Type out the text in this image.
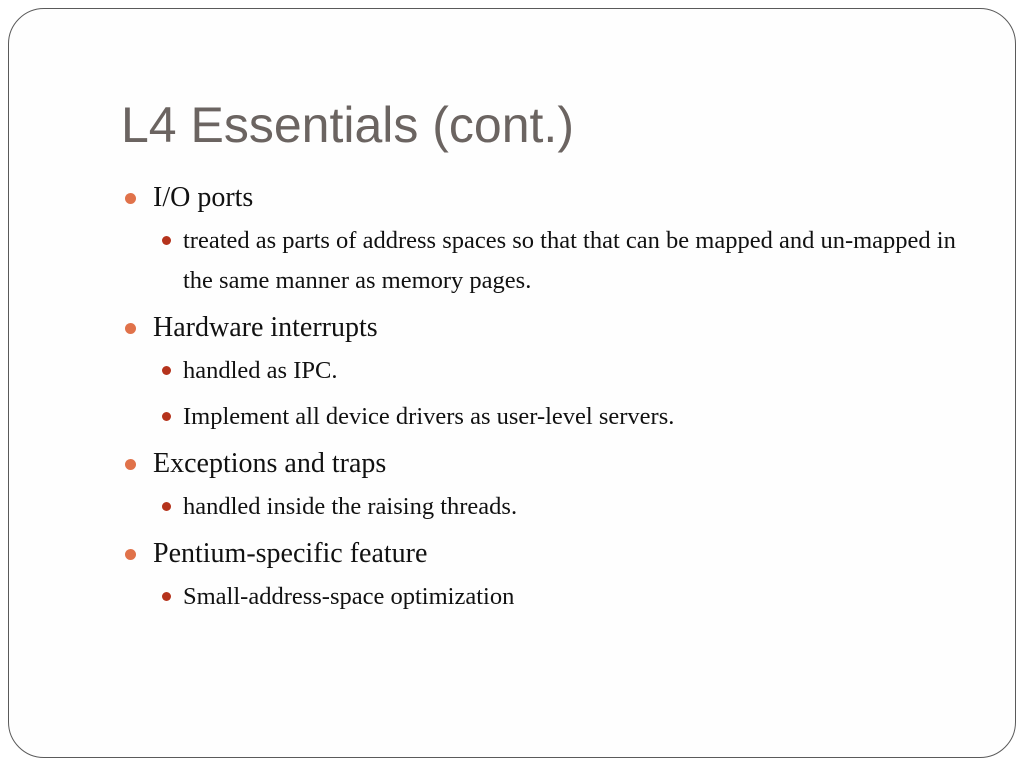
L4 Essentials (cont.)
I/O ports
treated as parts of address spaces so that that can be mapped and un-mapped in the same manner as memory pages.
Hardware interrupts
handled as IPC.
Implement all device drivers as user-level servers.
Exceptions and traps
handled inside the raising threads.
Pentium-specific feature
Small-address-space optimization
